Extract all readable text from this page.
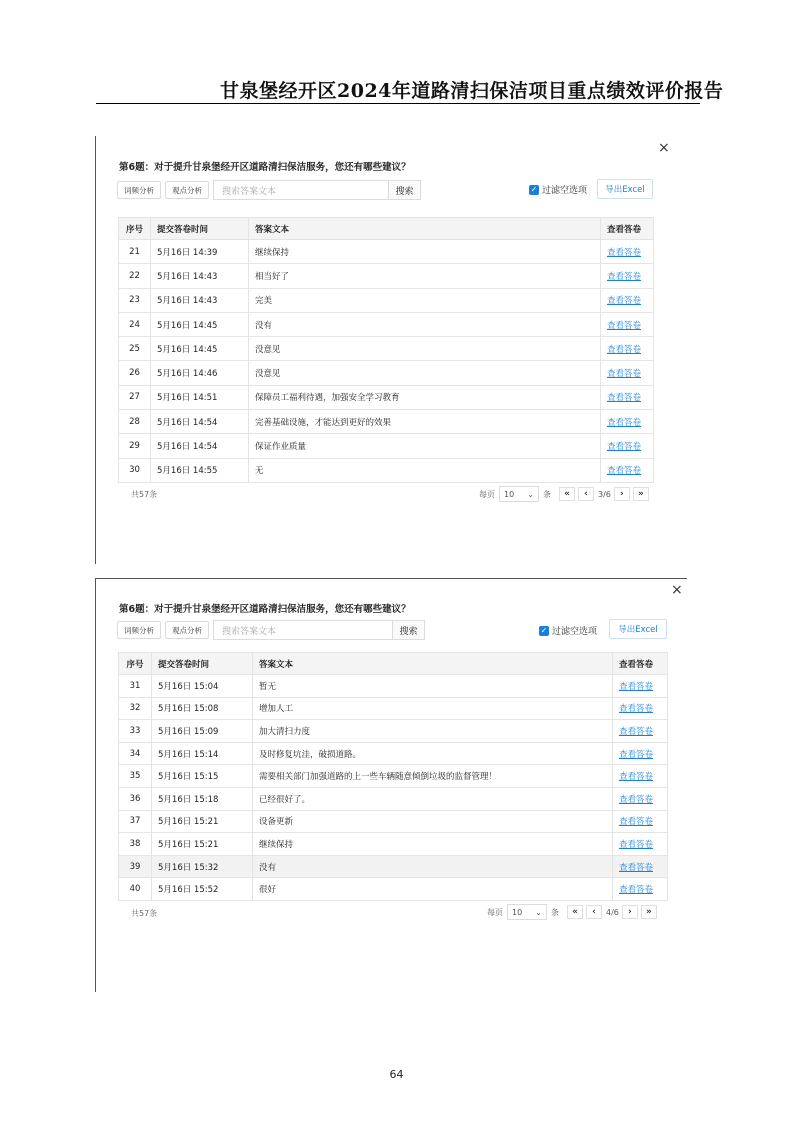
甘泉堡经开区2024年道路清扫保洁项目重点绩效评价报告
×
第6题：对于提升甘泉堡经开区道路清扫保洁服务，您还有哪些建议？
词频分析	观点分析	搜索答案文本	搜索	✓ 过滤空选项	导出Excel
序号	提交答卷时间	答案文本	查看答卷
21	5月16日 14:39	继续保持	查看答卷
22	5月16日 14:43	相当好了	查看答卷
23	5月16日 14:43	完美	查看答卷
24	5月16日 14:45	没有	查看答卷
25	5月16日 14:45	没意见	查看答卷
26	5月16日 14:46	没意见	查看答卷
27	5月16日 14:51	保障员工福利待遇，加强安全学习教育	查看答卷
28	5月16日 14:54	完善基础设施，才能达到更好的效果	查看答卷
29	5月16日 14:54	保证作业质量	查看答卷
30	5月16日 14:55	无	查看答卷
共57条	每页 10 ⌄ 条	«	‹	3/6	›	»
×
第6题：对于提升甘泉堡经开区道路清扫保洁服务，您还有哪些建议？
词频分析	观点分析	搜索答案文本	搜索	✓ 过滤空选项	导出Excel
序号	提交答卷时间	答案文本	查看答卷
31	5月16日 15:04	暂无	查看答卷
32	5月16日 15:08	增加人工	查看答卷
33	5月16日 15:09	加大清扫力度	查看答卷
34	5月16日 15:14	及时修复坑洼，破损道路。	查看答卷
35	5月16日 15:15	需要相关部门加强道路的上一些车辆随意倾倒垃圾的监督管理！	查看答卷
36	5月16日 15:18	已经很好了。	查看答卷
37	5月16日 15:21	设备更新	查看答卷
38	5月16日 15:21	继续保持	查看答卷
39	5月16日 15:32	没有	查看答卷
40	5月16日 15:52	很好	查看答卷
共57条	每页 10 ⌄ 条	«	‹	4/6	›	»
64
